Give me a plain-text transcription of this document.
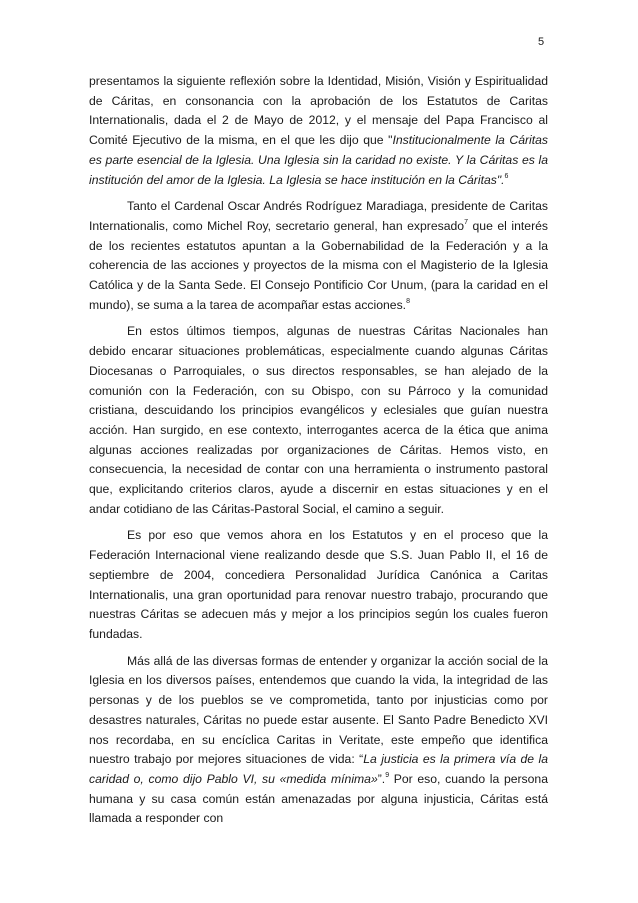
5

presentamos la siguiente reflexión sobre la Identidad, Misión, Visión y Espiritualidad de Cáritas, en consonancia con la aprobación de los Estatutos de Caritas Internationalis, dada el 2 de Mayo de 2012, y el mensaje del Papa Francisco al Comité Ejecutivo de la misma, en el que les dijo que "Institucionalmente la Cáritas es parte esencial de la Iglesia. Una Iglesia sin la caridad no existe. Y la Cáritas es la institución del amor de la Iglesia. La Iglesia se hace institución en la Cáritas".$^6$

Tanto el Cardenal Oscar Andrés Rodríguez Maradiaga, presidente de Caritas Internationalis, como Michel Roy, secretario general, han expresado$^7$ que el interés de los recientes estatutos apuntan a la Gobernabilidad de la Federación y a la coherencia de las acciones y proyectos de la misma con el Magisterio de la Iglesia Católica y de la Santa Sede. El Consejo Pontificio Cor Unum, (para la caridad en el mundo), se suma a la tarea de acompañar estas acciones.$^8$

En estos últimos tiempos, algunas de nuestras Cáritas Nacionales han debido encarar situaciones problemáticas, especialmente cuando algunas Cáritas Diocesanas o Parroquiales, o sus directos responsables, se han alejado de la comunión con la Federación, con su Obispo, con su Párroco y la comunidad cristiana, descuidando los principios evangélicos y eclesiales que guían nuestra acción. Han surgido, en ese contexto, interrogantes acerca de la ética que anima algunas acciones realizadas por organizaciones de Cáritas. Hemos visto, en consecuencia, la necesidad de contar con una herramienta o instrumento pastoral que, explicitando criterios claros, ayude a discernir en estas situaciones y en el andar cotidiano de las Cáritas-Pastoral Social, el camino a seguir.

Es por eso que vemos ahora en los Estatutos y en el proceso que la Federación Internacional viene realizando desde que S.S. Juan Pablo II, el 16 de septiembre de 2004, concediera Personalidad Jurídica Canónica a Caritas Internationalis, una gran oportunidad para renovar nuestro trabajo, procurando que nuestras Cáritas se adecuen más y mejor a los principios según los cuales fueron fundadas.

Más allá de las diversas formas de entender y organizar la acción social de la Iglesia en los diversos países, entendemos que cuando la vida, la integridad de las personas y de los pueblos se ve comprometida, tanto por injusticias como por desastres naturales, Cáritas no puede estar ausente. El Santo Padre Benedicto XVI nos recordaba, en su encíclica Caritas in Veritate, este empeño que identifica nuestro trabajo por mejores situaciones de vida: “La justicia es la primera vía de la caridad o, como dijo Pablo VI, su «medida mínima»”.$^9$ Por eso, cuando la persona humana y su casa común están amenazadas por alguna injusticia, Cáritas está llamada a responder con
